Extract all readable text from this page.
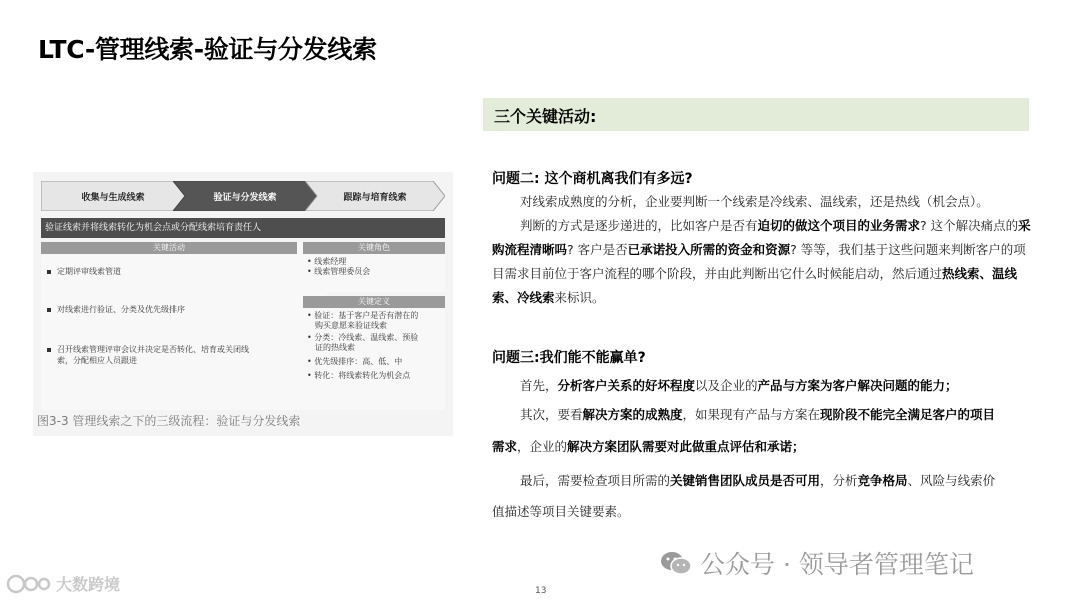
LTC-管理线索-验证与分发线索
收集与生成线索	验证与分发线索	跟踪与培育线索
验证线索并将线索转化为机会点或分配线索培育责任人
关键活动
定期评审线索管道
对线索进行验证、分类及优先级排序
召开线索管理评审会议并决定是否转化、培育或关闭线
索，分配相应人员跟进
关键角色
• 线索经理
• 线索管理委员会
关键定义
• 验证：基于客户是否有潜在的
购买意愿来验证线索
• 分类：冷线索、温线索、预验
证的热线索
• 优先级排序：高、低、中
• 转化：将线索转化为机会点
图3-3 管理线索之下的三级流程：验证与分发线索
三个关键活动:
问题二: 这个商机离我们有多远?
对线索成熟度的分析，企业要判断一个线索是冷线索、温线索，还是热线（机会点）。
判断的方式是逐步递进的，比如客户是否有迫切的做这个项目的业务需求? 这个解决痛点的采购流程清晰吗? 客户是否已承诺投入所需的资金和资源? 等等，我们基于这些问题来判断客户的项目需求目前位于客户流程的哪个阶段，并由此判断出它什么时候能启动，然后通过热线索、温线索、冷线索来标识。
问题三:我们能不能赢单?
首先，分析客户关系的好坏程度以及企业的产品与方案为客户解决问题的能力；
其次，要看解决方案的成熟度，如果现有产品与方案在现阶段不能完全满足客户的项目
需求，企业的解决方案团队需要对此做重点评估和承诺；
最后，需要检查项目所需的关键销售团队成员是否可用，分析竞争格局、风险与线索价
值描述等项目关键要素。
公众号 · 领导者管理笔记
13
大数跨境
